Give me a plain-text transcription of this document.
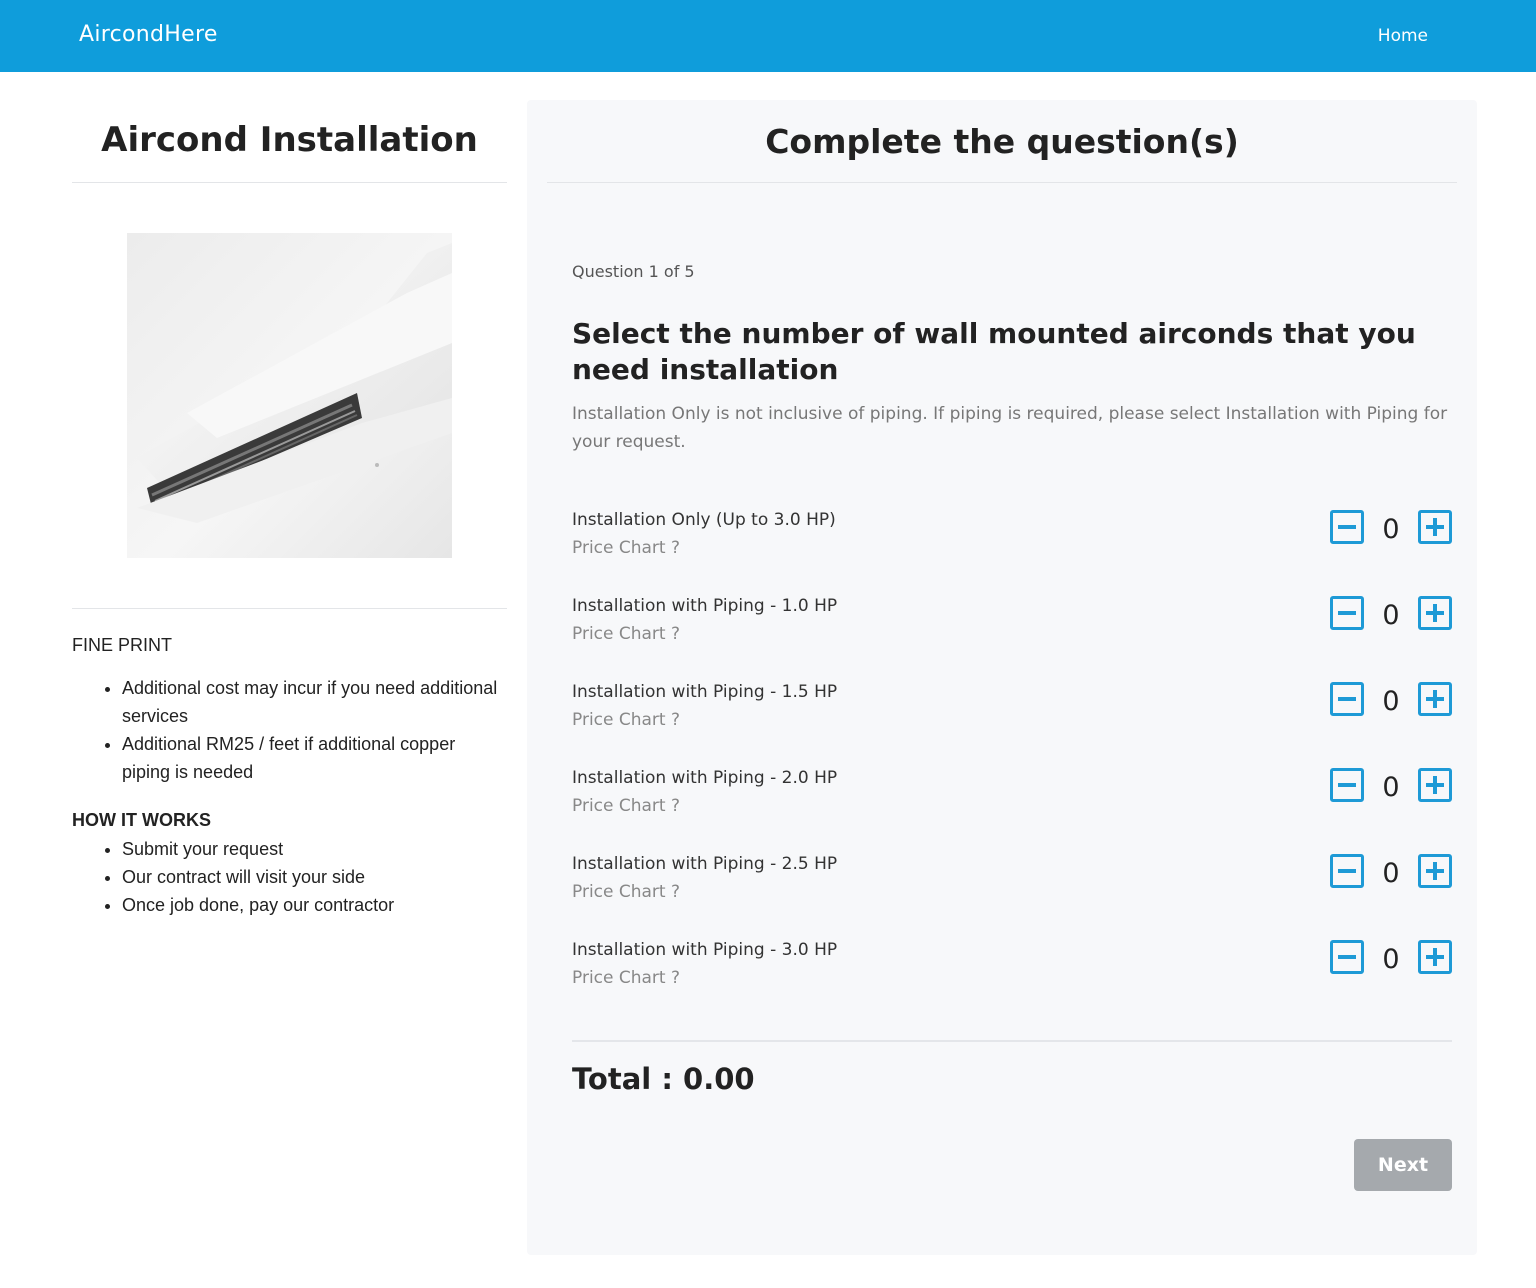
AircondHere	Home
Aircond Installation
FINE PRINT
• Additional cost may incur if you need additional services
• Additional RM25 / feet if additional copper piping is needed
HOW IT WORKS
• Submit your request
• Our contract will visit your side
• Once job done, pay our contractor
Complete the question(s)
Question 1 of 5
Select the number of wall mounted airconds that you need installation
Installation Only is not inclusive of piping. If piping is required, please select Installation with Piping for your request.
Installation Only (Up to 3.0 HP)
Price Chart ?
0
Installation with Piping - 1.0 HP
Price Chart ?
0
Installation with Piping - 1.5 HP
Price Chart ?
0
Installation with Piping - 2.0 HP
Price Chart ?
0
Installation with Piping - 2.5 HP
Price Chart ?
0
Installation with Piping - 3.0 HP
Price Chart ?
0
Total : 0.00
Next
